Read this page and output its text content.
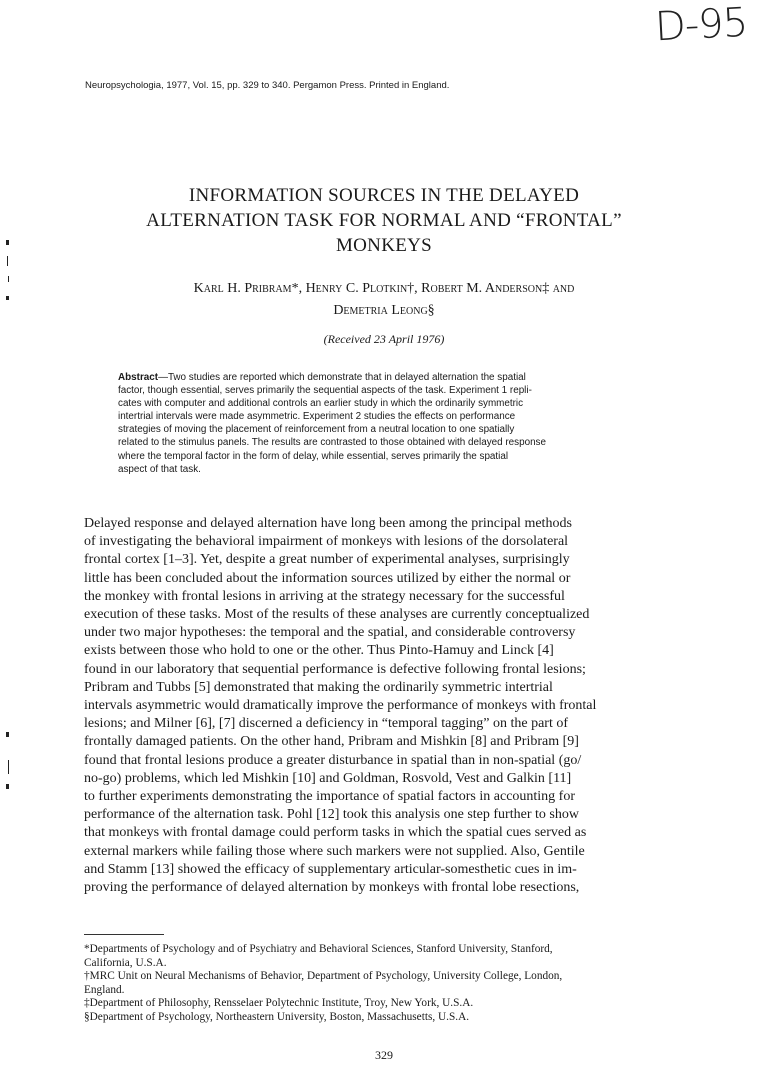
D-95
Neuropsychologia, 1977, Vol. 15, pp. 329 to 340. Pergamon Press. Printed in England.
INFORMATION SOURCES IN THE DELAYED
ALTERNATION TASK FOR NORMAL AND “FRONTAL”
MONKEYS
Karl H. Pribram*, Henry C. Plotkin†, Robert M. Anderson‡ and
Demetria Leong§
(Received 23 April 1976)
Abstract—Two studies are reported which demonstrate that in delayed alternation the spatial
factor, though essential, serves primarily the sequential aspects of the task. Experiment 1 repli-
cates with computer and additional controls an earlier study in which the ordinarily symmetric
intertrial intervals were made asymmetric. Experiment 2 studies the effects on performance
strategies of moving the placement of reinforcement from a neutral location to one spatially
related to the stimulus panels. The results are contrasted to those obtained with delayed response
where the temporal factor in the form of delay, while essential, serves primarily the spatial
aspect of that task.
Delayed response and delayed alternation have long been among the principal methods
of investigating the behavioral impairment of monkeys with lesions of the dorsolateral
frontal cortex [1–3]. Yet, despite a great number of experimental analyses, surprisingly
little has been concluded about the information sources utilized by either the normal or
the monkey with frontal lesions in arriving at the strategy necessary for the successful
execution of these tasks. Most of the results of these analyses are currently conceptualized
under two major hypotheses: the temporal and the spatial, and considerable controversy
exists between those who hold to one or the other. Thus Pinto-Hamuy and Linck [4]
found in our laboratory that sequential performance is defective following frontal lesions;
Pribram and Tubbs [5] demonstrated that making the ordinarily symmetric intertrial
intervals asymmetric would dramatically improve the performance of monkeys with frontal
lesions; and Milner [6], [7] discerned a deficiency in “temporal tagging” on the part of
frontally damaged patients. On the other hand, Pribram and Mishkin [8] and Pribram [9]
found that frontal lesions produce a greater disturbance in spatial than in non-spatial (go/
no-go) problems, which led Mishkin [10] and Goldman, Rosvold, Vest and Galkin [11]
to further experiments demonstrating the importance of spatial factors in accounting for
performance of the alternation task. Pohl [12] took this analysis one step further to show
that monkeys with frontal damage could perform tasks in which the spatial cues served as
external markers while failing those where such markers were not supplied. Also, Gentile
and Stamm [13] showed the efficacy of supplementary articular-somesthetic cues in im-
proving the performance of delayed alternation by monkeys with frontal lobe resections,
*Departments of Psychology and of Psychiatry and Behavioral Sciences, Stanford University, Stanford,
California, U.S.A.
†MRC Unit on Neural Mechanisms of Behavior, Department of Psychology, University College, London,
England.
‡Department of Philosophy, Rensselaer Polytechnic Institute, Troy, New York, U.S.A.
§Department of Psychology, Northeastern University, Boston, Massachusetts, U.S.A.
329
